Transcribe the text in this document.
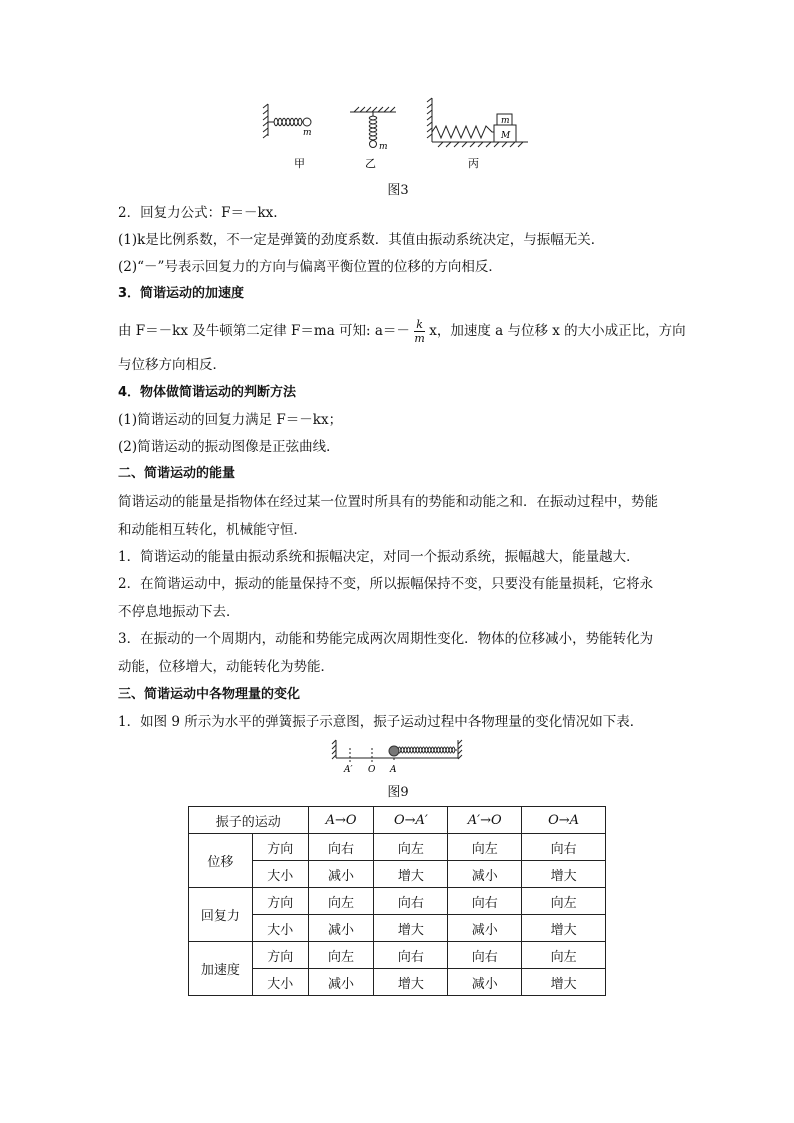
m
m
M
m
甲	乙	丙
图3
2．回复力公式：F＝－kx.
(1)k是比例系数，不一定是弹簧的劲度系数．其值由振动系统决定，与振幅无关．
(2)“－”号表示回复力的方向与偏离平衡位置的位移的方向相反．
3．简谐运动的加速度
由 F＝－kx 及牛顿第二定律 F＝ma 可知: $a=- \frac{k}{m}$ x，加速度 a 与位移 x 的大小成正比，方向
与位移方向相反．
4．物体做简谐运动的判断方法
(1)简谐运动的回复力满足 F＝－kx；
(2)简谐运动的振动图像是正弦曲线．
二、简谐运动的能量
简谐运动的能量是指物体在经过某一位置时所具有的势能和动能之和．在振动过程中，势能
和动能相互转化，机械能守恒．
1．简谐运动的能量由振动系统和振幅决定，对同一个振动系统，振幅越大，能量越大．
2．在简谐运动中，振动的能量保持不变，所以振幅保持不变，只要没有能量损耗，它将永
不停息地振动下去．
3．在振动的一个周期内，动能和势能完成两次周期性变化．物体的位移减小，势能转化为
动能，位移增大，动能转化为势能．
三、简谐运动中各物理量的变化
1．如图 9 所示为水平的弹簧振子示意图，振子运动过程中各物理量的变化情况如下表．
A′ O A
图9
振子的运动		A→O	O→A′	A′→O	O→A
位移	方向	向右	向左	向左	向右
	大小	减小	增大	减小	增大
回复力	方向	向左	向右	向右	向左
	大小	减小	增大	减小	增大
加速度	方向	向左	向右	向右	向左
	大小	减小	增大	减小	增大
